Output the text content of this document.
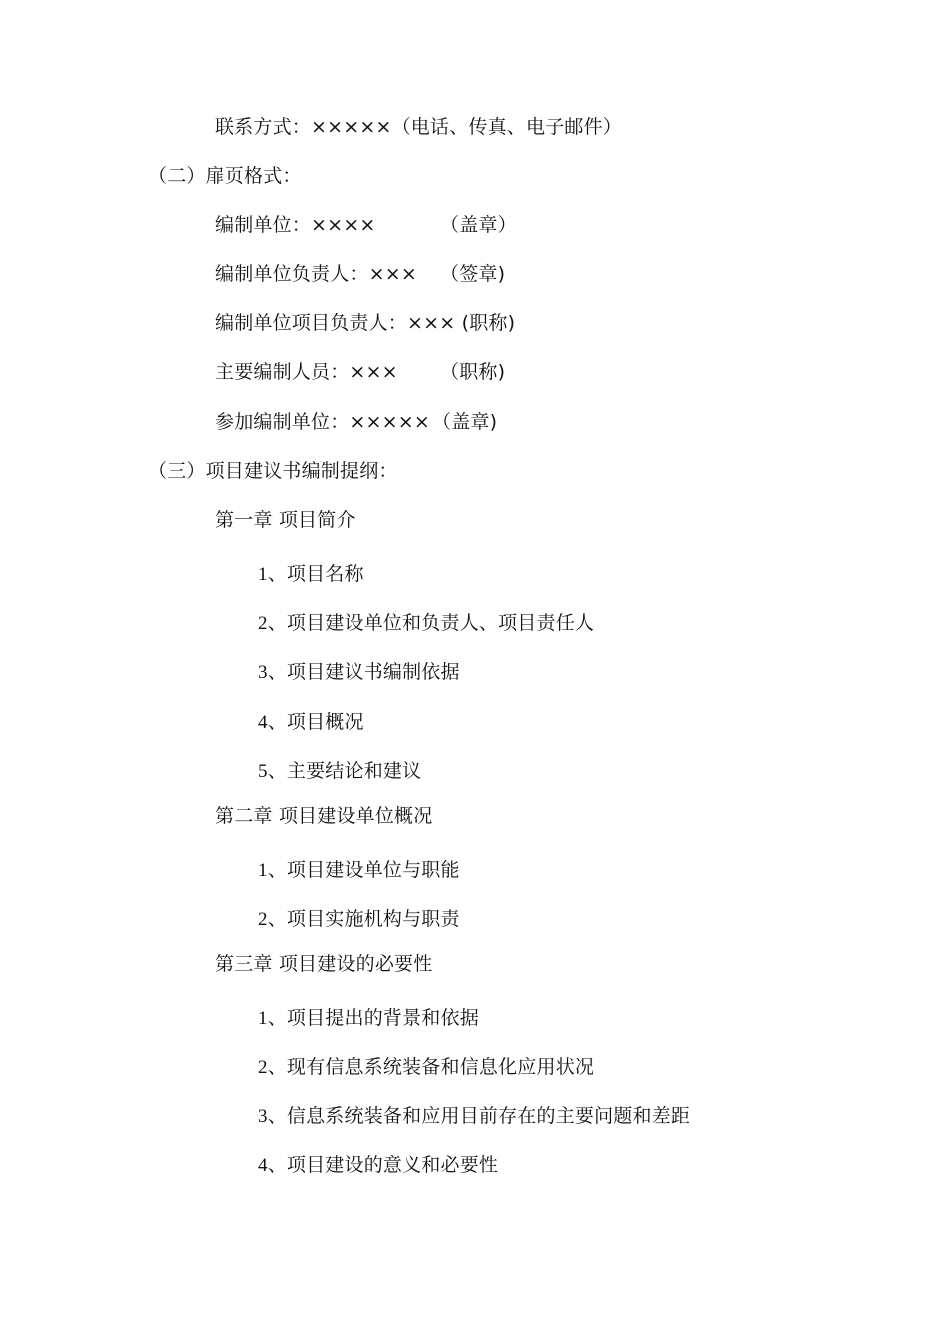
联系方式：×××××（电话、传真、电子邮件）
（二）扉页格式：
编制单位：××××	（盖章）
编制单位负责人：××× （签章)
编制单位项目负责人：××× (职称)
主要编制人员：××× （职称)
参加编制单位：××××× （盖章)
（三）项目建议书编制提纲：
第一章 项目简介
1、项目名称
2、项目建设单位和负责人、项目责任人
3、项目建议书编制依据
4、项目概况
5、主要结论和建议
第二章 项目建设单位概况
1、项目建设单位与职能
2、项目实施机构与职责
第三章 项目建设的必要性
1、项目提出的背景和依据
2、现有信息系统装备和信息化应用状况
3、信息系统装备和应用目前存在的主要问题和差距
4、项目建设的意义和必要性
